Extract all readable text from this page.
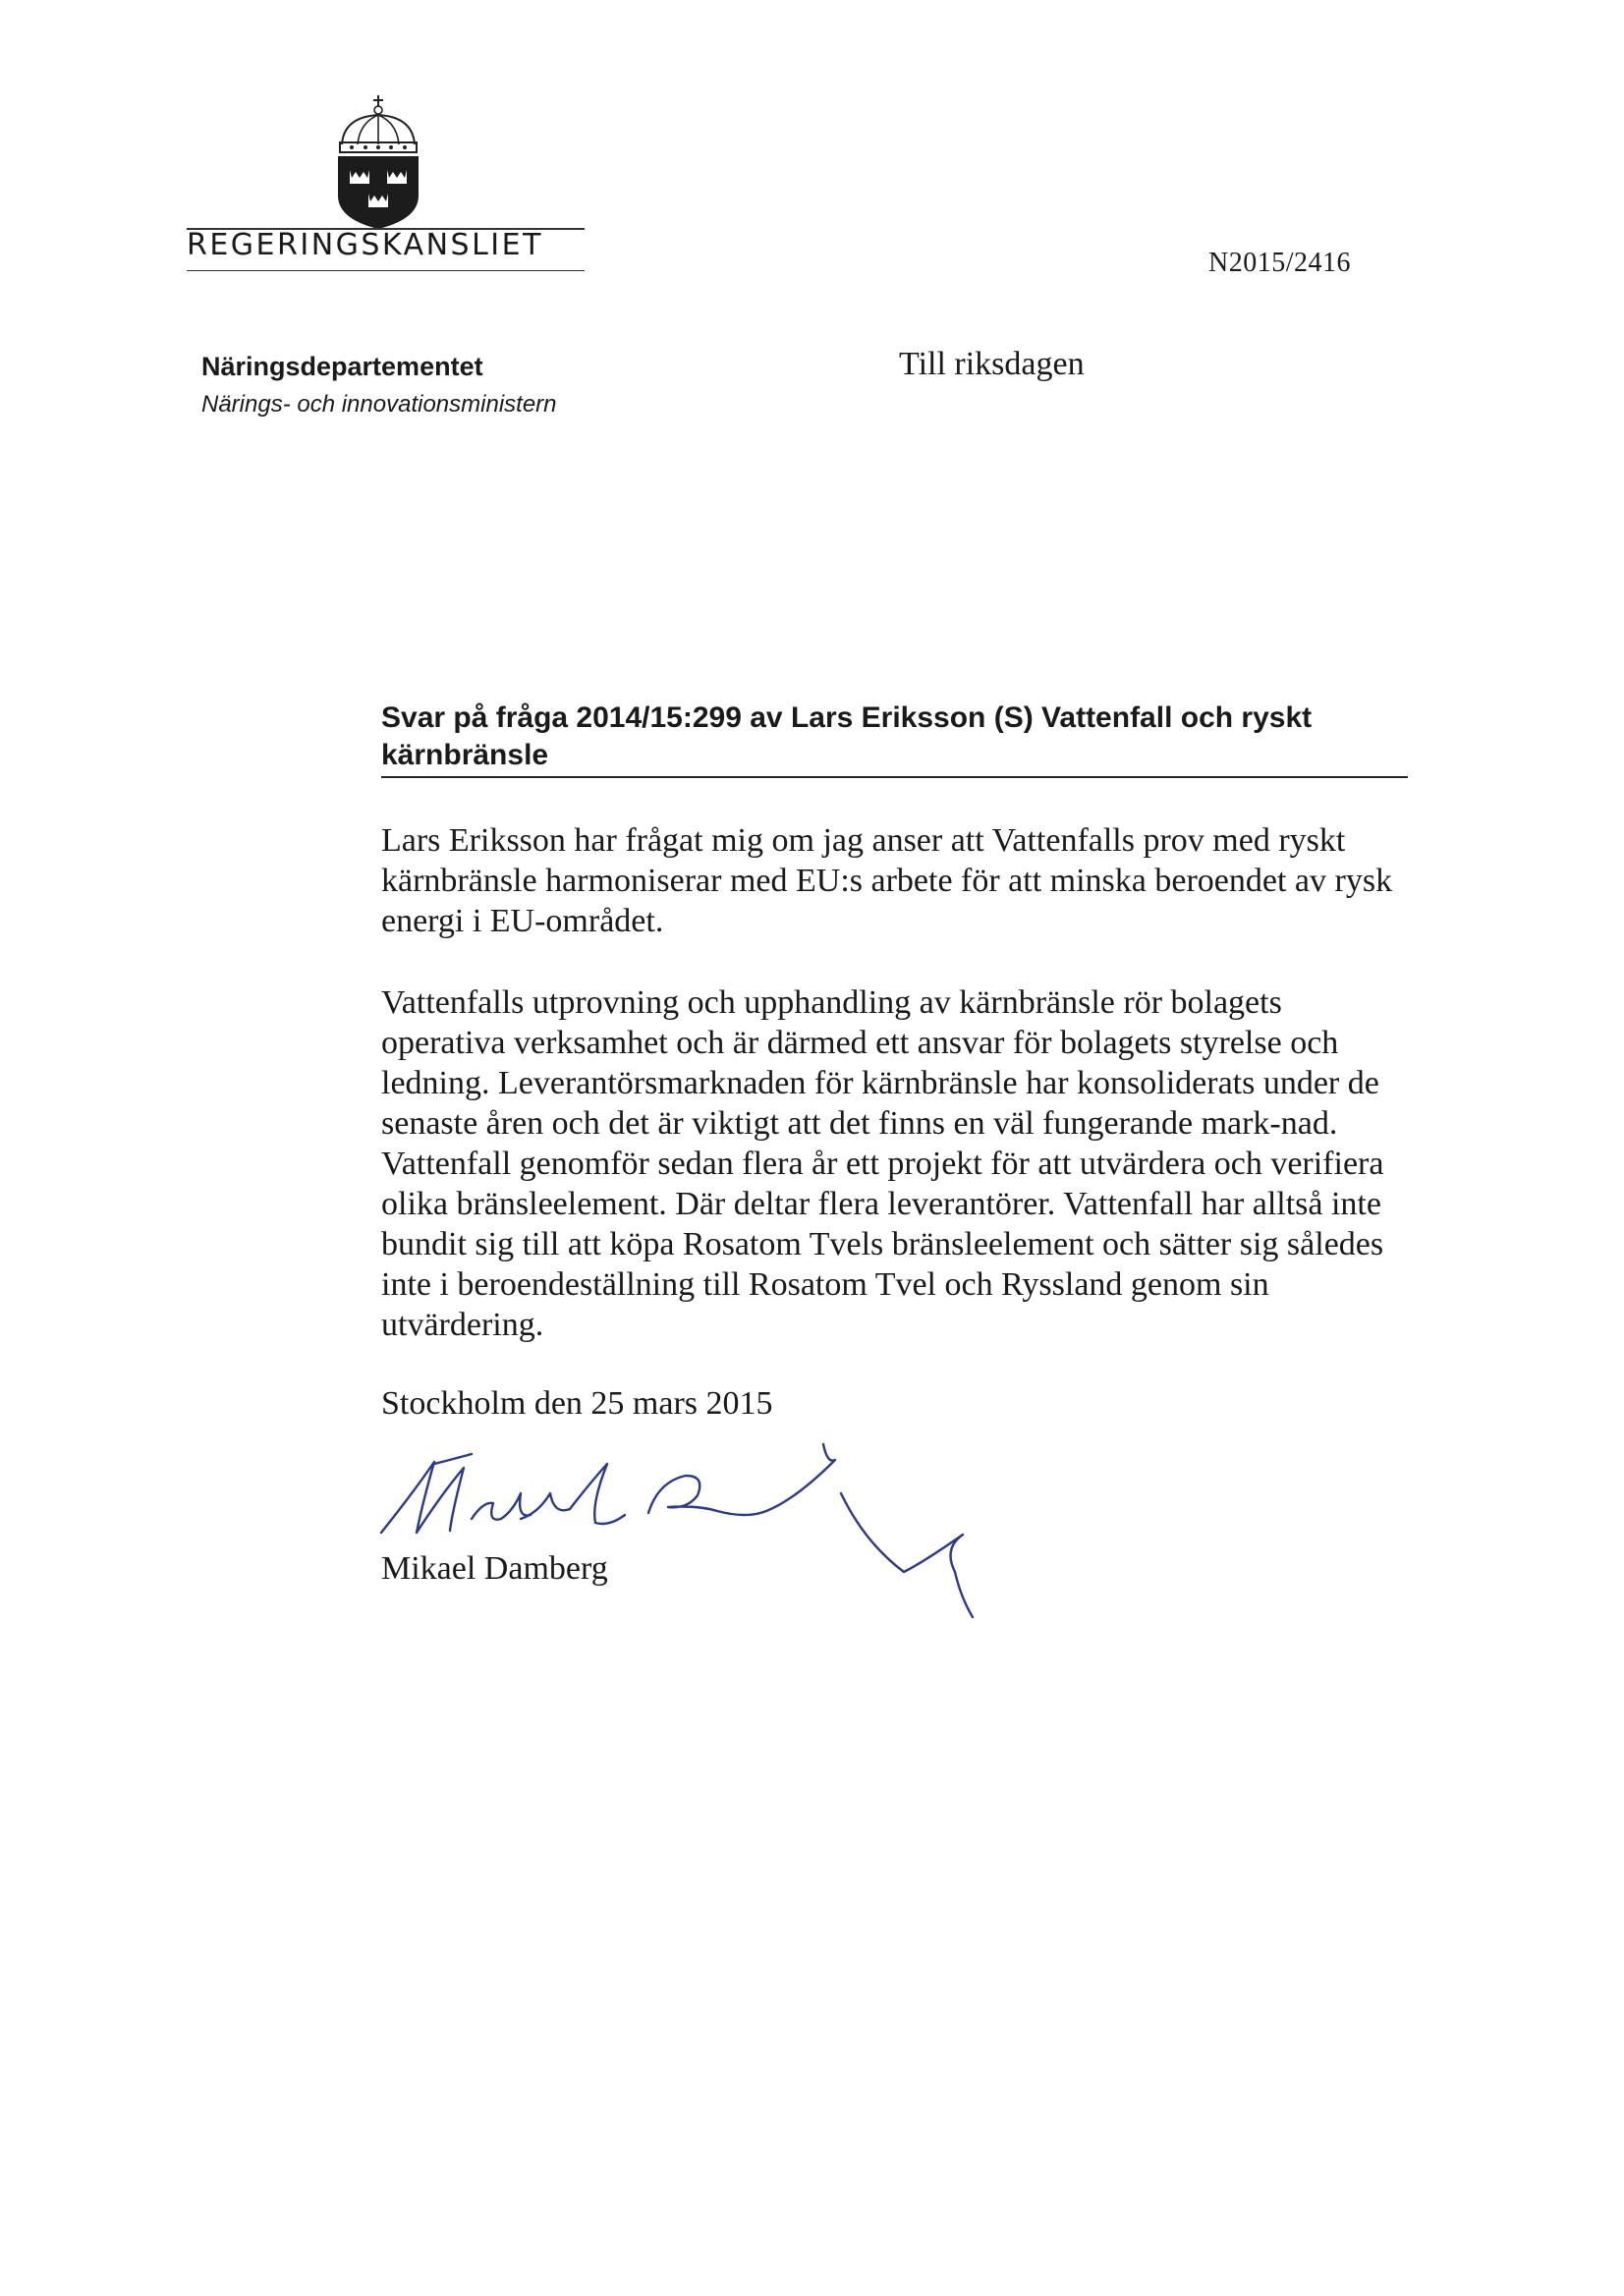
REGERINGSKANSLIET
N2015/2416
Näringsdepartementet
Närings- och innovationsministern
Till riksdagen
Svar på fråga 2014/15:299 av Lars Eriksson (S) Vattenfall och ryskt kärnbränsle

Lars Eriksson har frågat mig om jag anser att Vattenfalls prov med ryskt kärnbränsle harmoniserar med EU:s arbete för att minska beroendet av rysk energi i EU-området.

Vattenfalls utprovning och upphandling av kärnbränsle rör bolagets operativa verksamhet och är därmed ett ansvar för bolagets styrelse och ledning. Leverantörsmarknaden för kärnbränsle har konsoliderats under de senaste åren och det är viktigt att det finns en väl fungerande mark-nad. Vattenfall genomför sedan flera år ett projekt för att utvärdera och verifiera olika bränsleelement. Där deltar flera leverantörer. Vattenfall har alltså inte bundit sig till att köpa Rosatom Tvels bränsleelement och sätter sig således inte i beroendeställning till Rosatom Tvel och Ryssland genom sin utvärdering.

Stockholm den 25 mars 2015
Mikael Damberg
